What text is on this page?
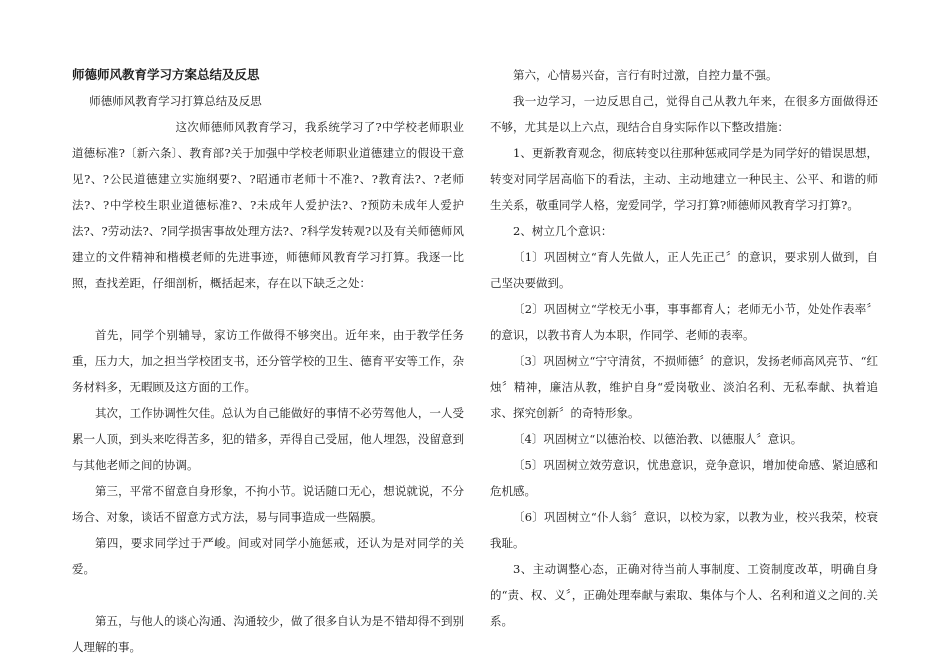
师德师风教育学习方案总结及反思

师德师风教育学习打算总结及反思

这次师德师风教育学习，我系统学习了?中学校老师职业道德标准?〔新六条〕、教育部?关于加强中学校老师职业道德建立的假设干意见?、?公民道德建立实施纲要?、?昭通市老师十不准?、?教育法?、?老师法?、?中学校生职业道德标准?、?未成年人爱护法?、?预防未成年人爱护法?、?劳动法?、?同学损害事故处理方法?、?科学发转观?以及有关师德师风建立的文件精神和楷模老师的先进事迹，师德师风教育学习打算。我逐一比照，查找差距，仔细剖析，概括起来，存在以下缺乏之处：

首先，同学个别辅导，家访工作做得不够突出。近年来，由于教学任务重，压力大，加之担当学校团支书，还分管学校的卫生、德育平安等工作，杂务材料多，无暇顾及这方面的工作。

其次，工作协调性欠佳。总认为自己能做好的事情不必劳驾他人，一人受累一人顶，到头来吃得苦多，犯的错多，弄得自己受屈，他人埋怨，没留意到与其他老师之间的协调。

第三，平常不留意自身形象，不拘小节。说话随口无心，想说就说，不分场合、对象，谈话不留意方式方法，易与同事造成一些隔膜。

第四，要求同学过于严峻。间或对同学小施惩戒，还认为是对同学的关爱。

第五，与他人的谈心沟通、沟通较少，做了很多自认为是不错却得不到别人理解的事。

第六，心情易兴奋，言行有时过激，自控力量不强。

我一边学习，一边反思自己，觉得自己从教九年来，在很多方面做得还不够，尤其是以上六点，现结合自身实际作以下整改措施：

1、更新教育观念，彻底转变以往那种惩戒同学是为同学好的错误思想，转变对同学居高临下的看法，主动、主动地建立一种民主、公平、和谐的师生关系，敬重同学人格，宠爱同学，学习打算?师德师风教育学习打算?。

2、树立几个意识：

〔1〕巩固树立“育人先做人，正人先正己〞的意识，要求别人做到，自己坚决要做到。

〔2〕巩固树立“学校无小事，事事都育人；老师无小节，处处作表率〞的意识，以教书育人为本职，作同学、老师的表率。

〔3〕巩固树立“宁守清贫，不损师德〞的意识，发扬老师高风亮节、“红烛〞精神，廉洁从教，维护自身“爱岗敬业、淡泊名利、无私奉献、执着追求、探究创新〞的奇特形象。

〔4〕巩固树立“以德治校、以德治教、以德服人〞意识。

〔5〕巩固树立效劳意识，忧患意识，竞争意识，增加使命感、紧迫感和危机感。

〔6〕巩固树立“仆人翁〞意识，以校为家，以教为业，校兴我荣，校衰我耻。

3、主动调整心态，正确对待当前人事制度、工资制度改革，明确自身的“责、权、义〞，正确处理奉献与索取、集体与个人、名利和道义之间的.关系。
